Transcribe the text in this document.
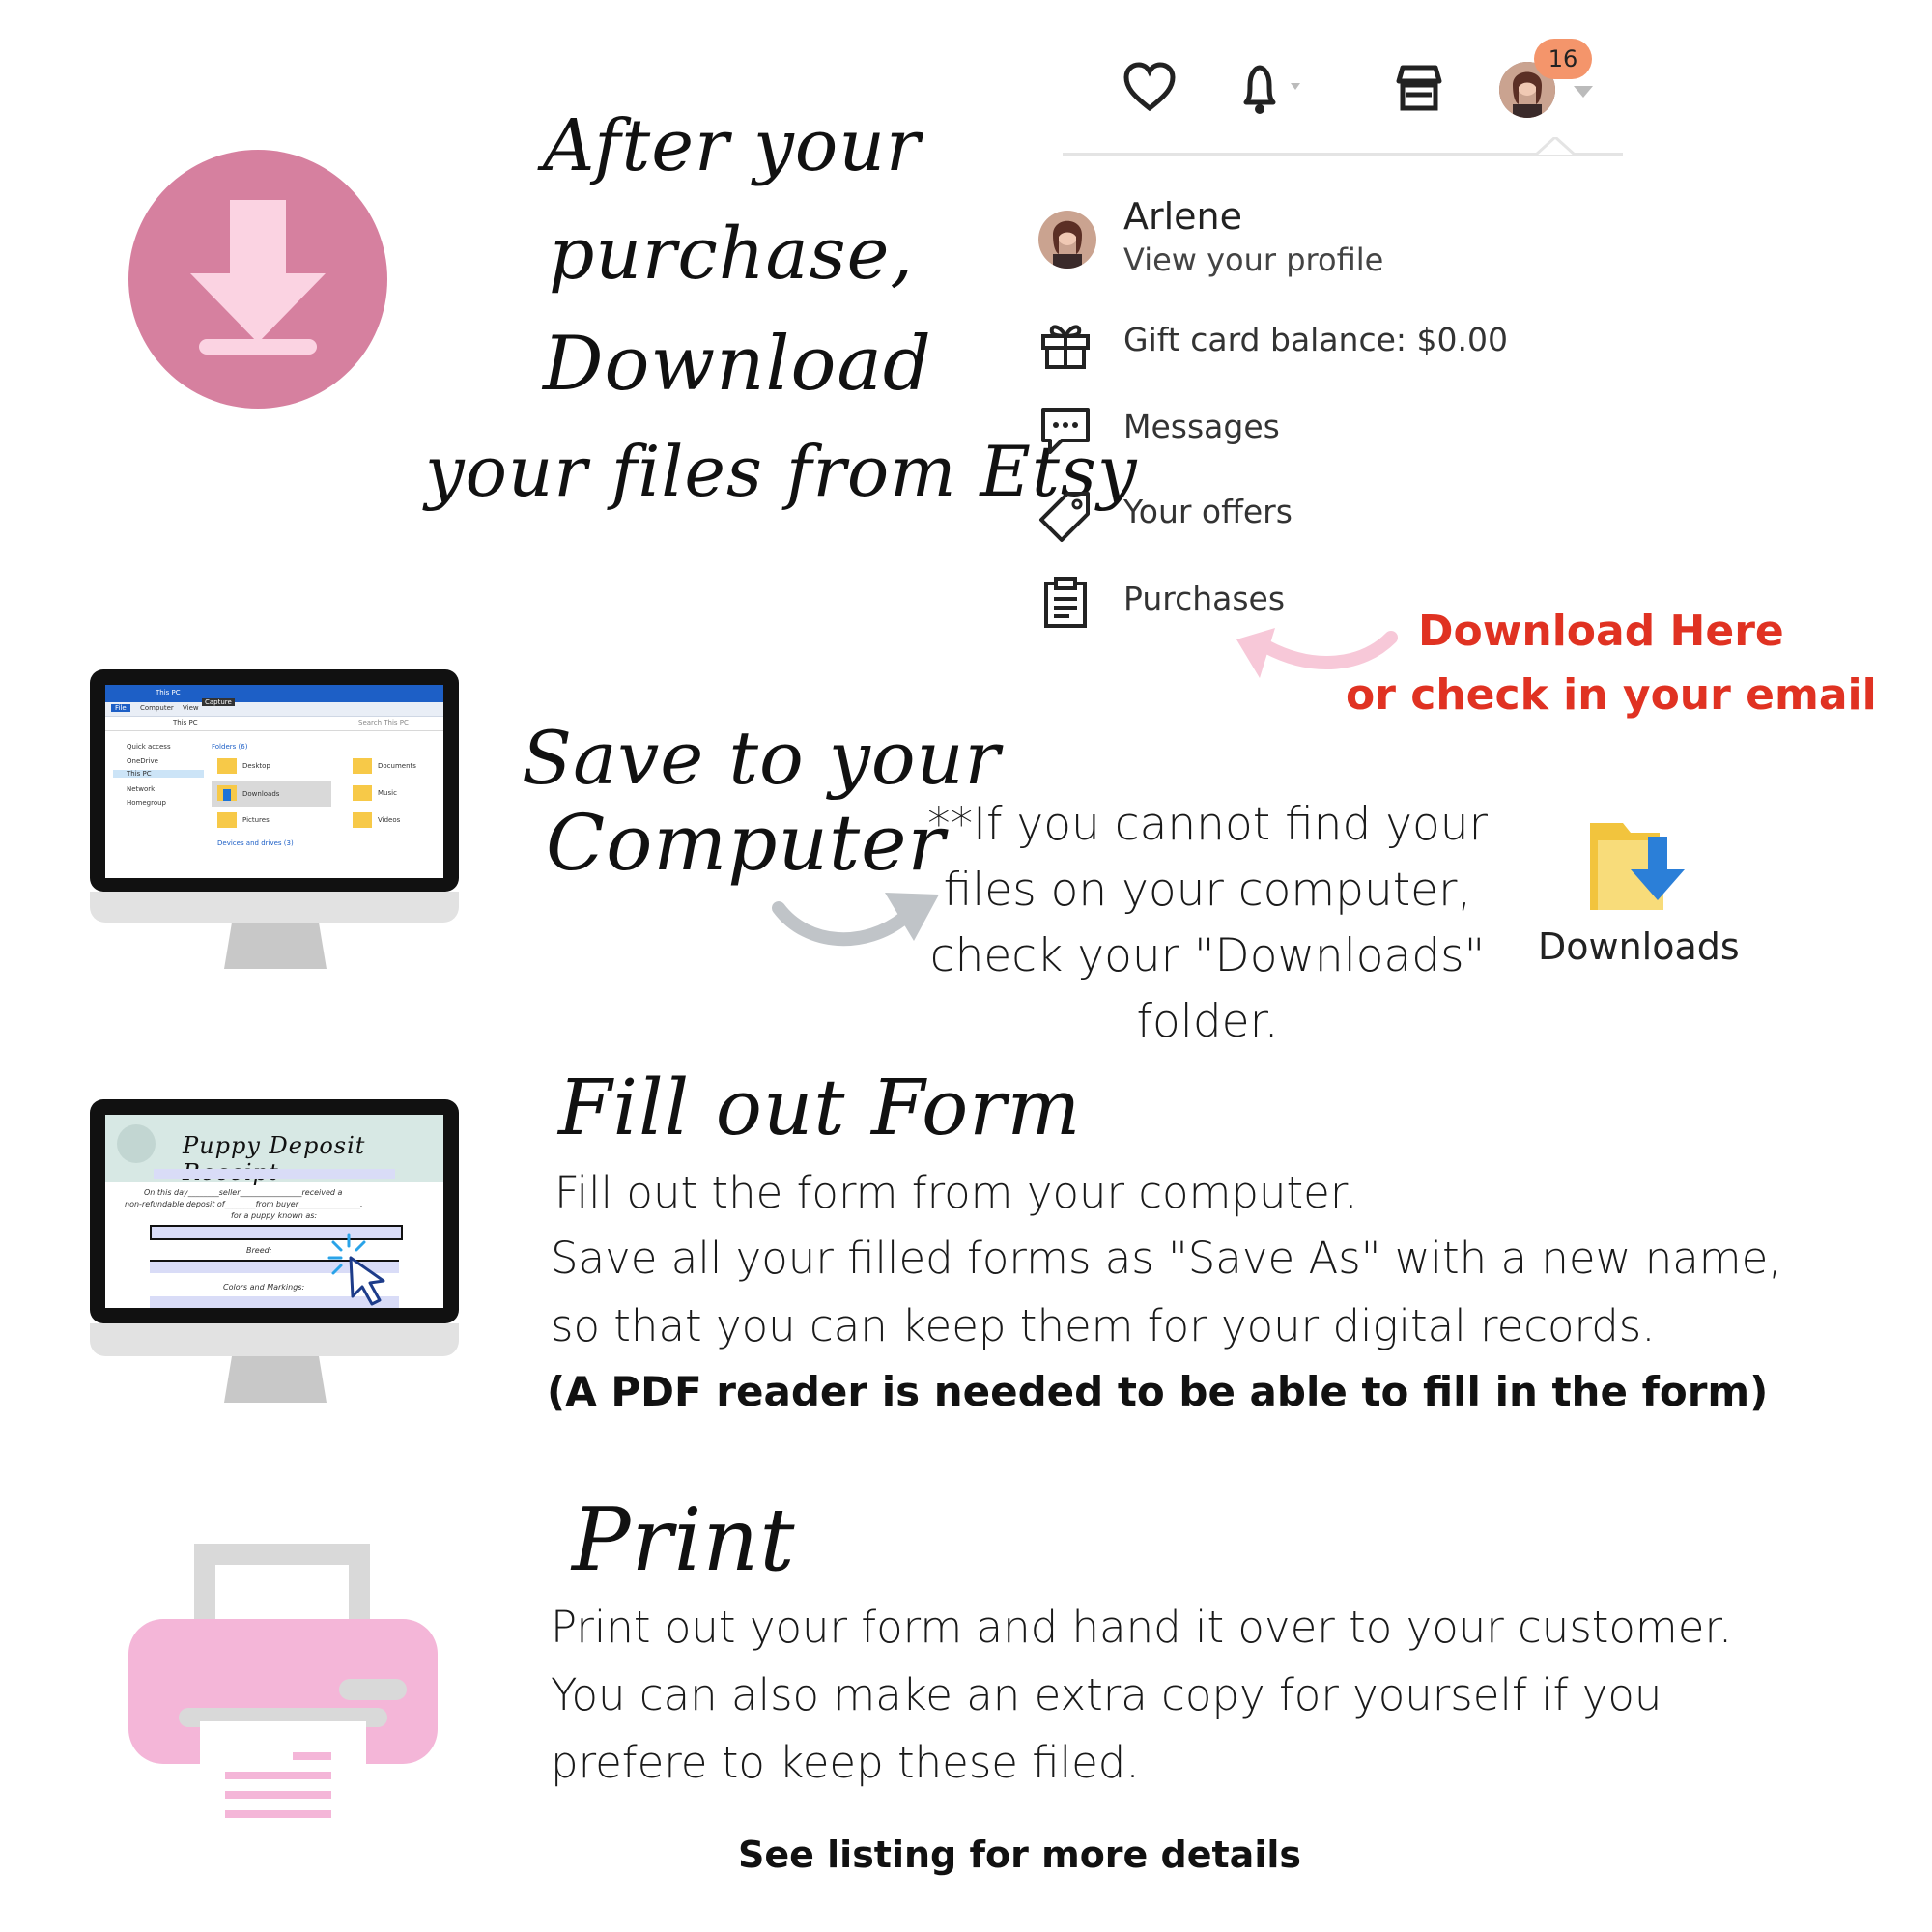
After your
purchase,
Download
your files from Etsy
16
Arlene
View your profile
Gift card balance: $0.00
Messages
Your offers
Purchases
Download Here
or check in your email
This PC
File	Computer View
Capture
This PC	Search This PC
Quick access
OneDrive
This PC
Network
Homegroup
Folders (6)
Desktop	Documents
Downloads	Music
Pictures	Videos
Devices and drives (3)
Save to your
Computer
**If you cannot find your
files on your computer,
check your "Downloads"
folder.
Downloads
Puppy Deposit
On this day________seller________________received a
non-refundable deposit of________from buyer________________.
for a puppy known as:
Breed:
Colors and Markings:
Fill out Form
Fill out the form from your computer.
Save all your filled forms as "Save As" with a new name,
so that you can keep them for your digital records.
(A PDF reader is needed to be able to fill in the form)
Print
Print out your form and hand it over to your customer.
You can also make an extra copy for yourself if you
prefere to keep these filed.
See listing for more details
